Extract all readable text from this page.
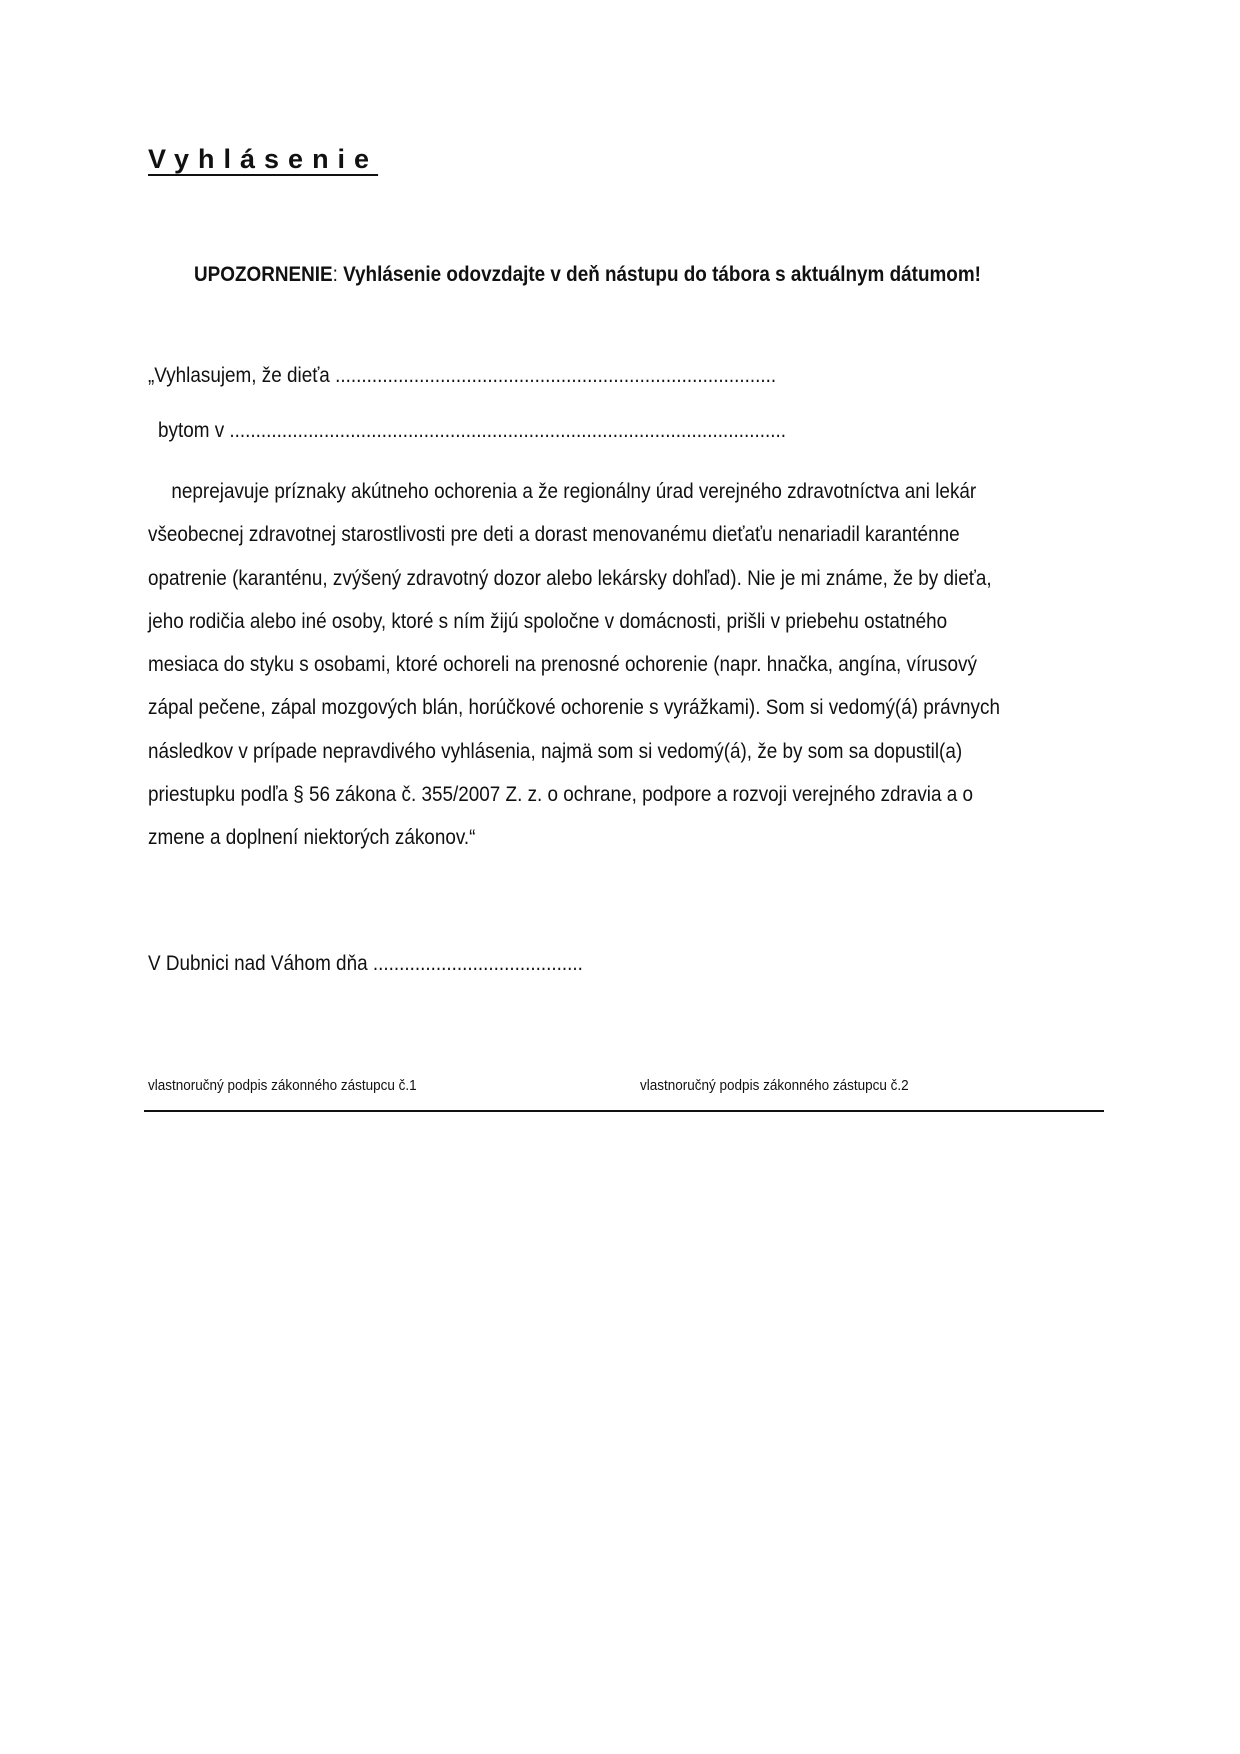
Vyhlásenie
UPOZORNENIE: Vyhlásenie odovzdajte v deň nástupu do tábora s aktuálnym dátumom!
„Vyhlasujem, že dieťa ....................................................................................
bytom v ..........................................................................................................
neprejavuje príznaky akútneho ochorenia a že regionálny úrad verejného zdravotníctva ani lekár
všeobecnej zdravotnej starostlivosti pre deti a dorast menovanému dieťaťu nenariadil karanténne
opatrenie (karanténu, zvýšený zdravotný dozor alebo lekársky dohľad). Nie je mi známe, že by dieťa,
jeho rodičia alebo iné osoby, ktoré s ním žijú spoločne v domácnosti, prišli v priebehu ostatného
mesiaca do styku s osobami, ktoré ochoreli na prenosné ochorenie (napr. hnačka, angína, vírusový
zápal pečene, zápal mozgových blán, horúčkové ochorenie s vyrážkami). Som si vedomý(á) právnych
následkov v prípade nepravdivého vyhlásenia, najmä som si vedomý(á), že by som sa dopustil(a)
priestupku podľa § 56 zákona č. 355/2007 Z. z. o ochrane, podpore a rozvoji verejného zdravia a o
zmene a doplnení niektorých zákonov.“
V Dubnici nad Váhom dňa ........................................
vlastnoručný podpis zákonného zástupcu č.1	vlastnoručný podpis zákonného zástupcu č.2
